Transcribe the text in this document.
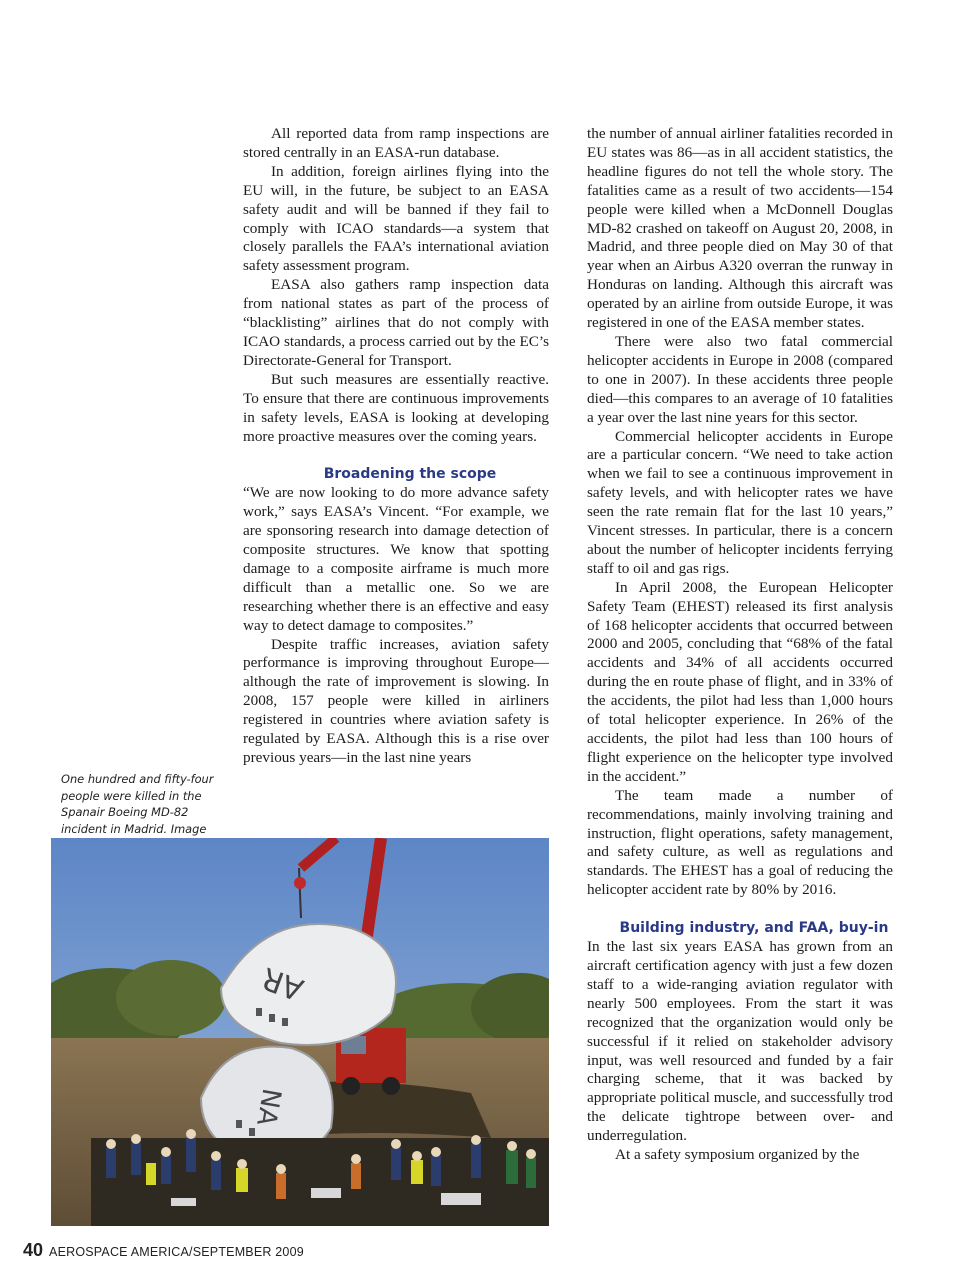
All reported data from ramp inspections are stored centrally in an EASA-run database.

In addition, foreign airlines flying into the EU will, in the future, be subject to an EASA safety audit and will be banned if they fail to comply with ICAO standards—a system that closely parallels the FAA’s international aviation safety assessment program.

EASA also gathers ramp inspection data from national states as part of the process of “blacklisting” airlines that do not comply with ICAO standards, a process carried out by the EC’s Directorate-General for Transport.

But such measures are essentially reactive. To ensure that there are continuous improvements in safety levels, EASA is looking at developing more proactive measures over the coming years.

Broadening the scope

“We are now looking to do more advance safety work,” says EASA’s Vincent. “For example, we are sponsoring research into damage detection of composite structures. We know that spotting damage to a composite airframe is much more difficult than a metallic one. So we are researching whether there is an effective and easy way to detect damage to composites.”

Despite traffic increases, aviation safety performance is improving throughout Europe—although the rate of improvement is slowing. In 2008, 157 people were killed in airliners registered in countries where aviation safety is regulated by EASA. Although this is a rise over previous years—in the last nine years

the number of annual airliner fatalities recorded in EU states was 86—as in all accident statistics, the headline figures do not tell the whole story. The fatalities came as a result of two accidents—154 people were killed when a McDonnell Douglas MD-82 crashed on takeoff on August 20, 2008, in Madrid, and three people died on May 30 of that year when an Airbus A320 overran the runway in Honduras on landing. Although this aircraft was operated by an airline from outside Europe, it was registered in one of the EASA member states.

There were also two fatal commercial helicopter accidents in Europe in 2008 (compared to one in 2007). In these accidents three people died—this compares to an average of 10 fatalities a year over the last nine years for this sector.

Commercial helicopter accidents in Europe are a particular concern. “We need to take action when we fail to see a continuous improvement in safety levels, and with helicopter rates we have seen the rate remain flat for the last 10 years,” Vincent stresses. In particular, there is a concern about the number of helicopter incidents ferrying staff to oil and gas rigs.

In April 2008, the European Helicopter Safety Team (EHEST) released its first analysis of 168 helicopter accidents that occurred between 2000 and 2005, concluding that “68% of the fatal accidents and 34% of all accidents occurred during the en route phase of flight, and in 33% of the accidents, the pilot had less than 1,000 hours of total helicopter experience. In 26% of the accidents, the pilot had less than 100 hours of flight experience on the helicopter type involved in the accident.”

The team made a number of recommendations, mainly involving training and instruction, flight operations, safety management, and safety culture, as well as regulations and standards. The EHEST has a goal of reducing the helicopter accident rate by 80% by 2016.

Building industry, and FAA, buy-in

In the last six years EASA has grown from an aircraft certification agency with just a few dozen staff to a wide-ranging aviation regulator with nearly 500 employees. From the start it was recognized that the organization would only be successful if it relied on stakeholder advisory input, was well resourced and funded by a fair charging scheme, that it was backed by appropriate political muscle, and successfully trod the delicate tightrope between over- and underregulation.

At a safety symposium organized by the

One hundred and fifty-four people were killed in the Spanair Boeing MD-82 incident in Madrid. Image
AR
NA
40 AEROSPACE AMERICA/SEPTEMBER 2009
